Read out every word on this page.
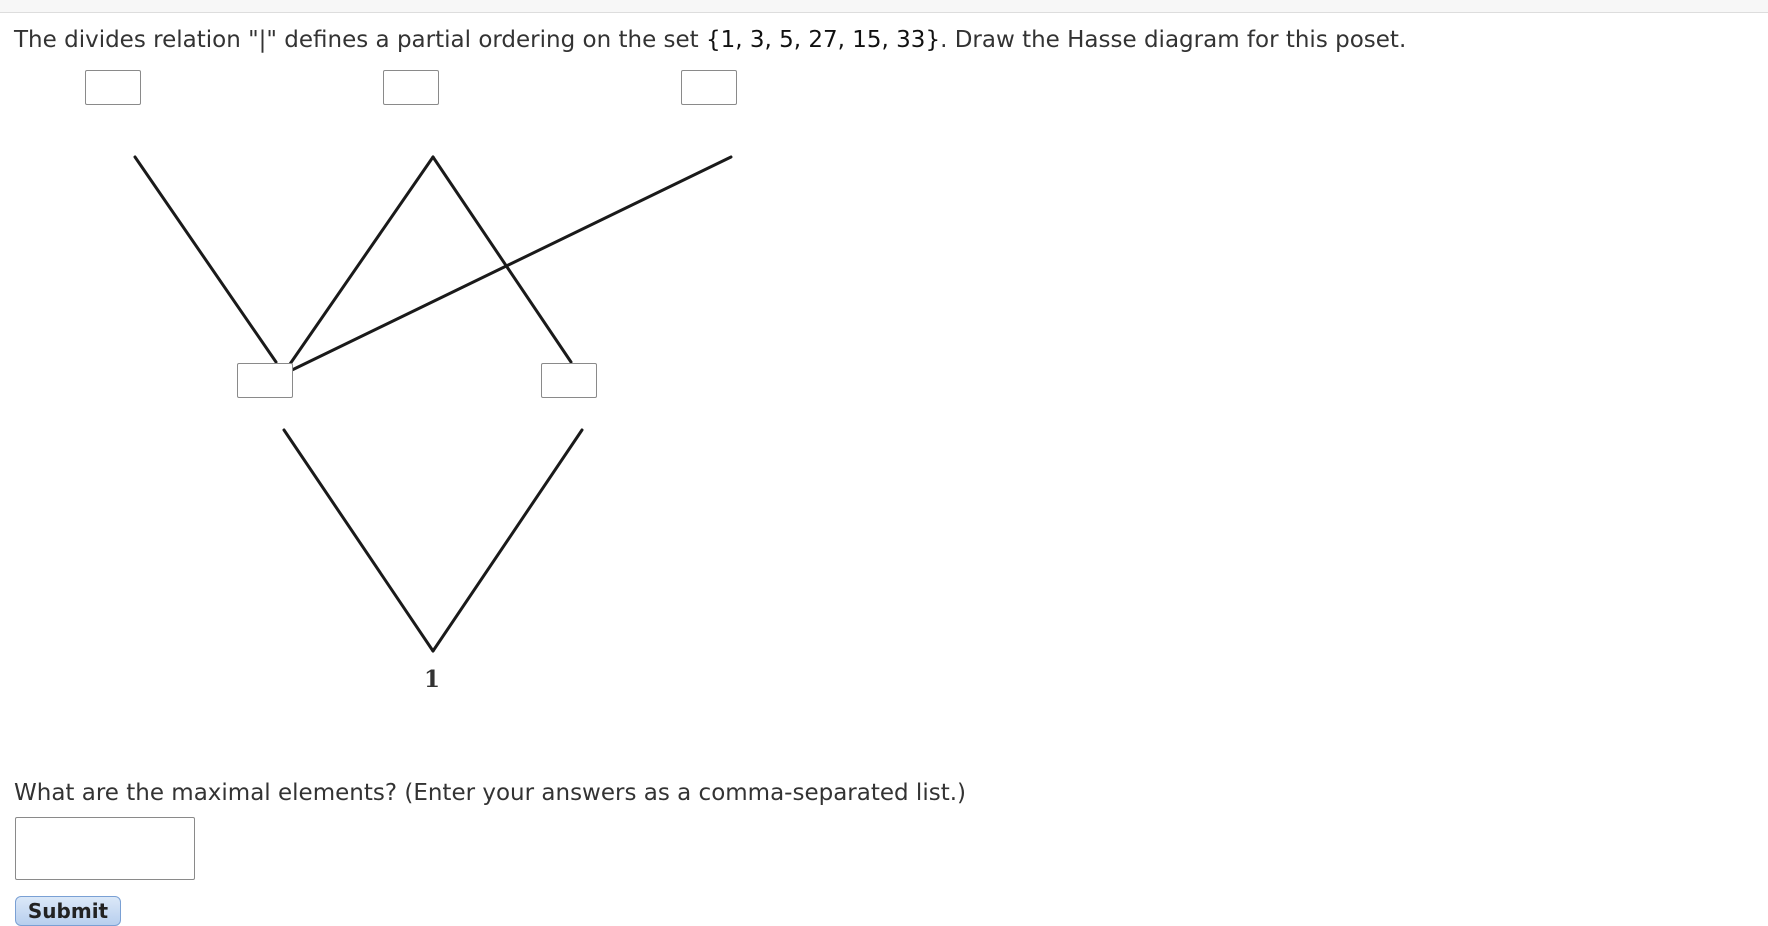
The divides relation "|" defines a partial ordering on the set {1, 3, 5, 27, 15, 33}. Draw the Hasse diagram for this poset.
1
What are the maximal elements? (Enter your answers as a comma-separated list.)
Submit
